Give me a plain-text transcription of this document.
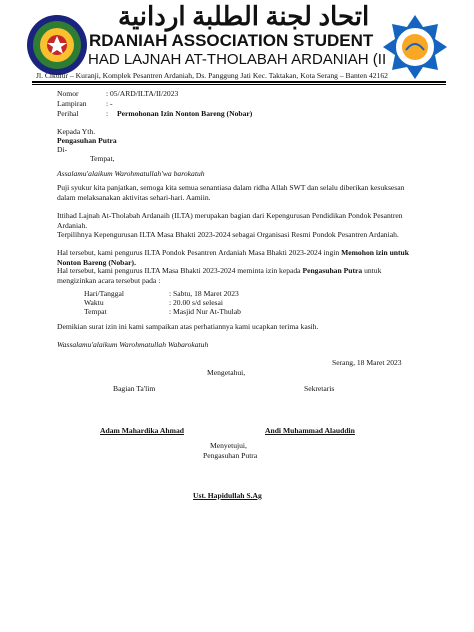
اتحاد لجنة الطلبة اردانية
RDANIAH ASSOCIATION STUDENT
HAD LAJNAH AT-THOLABAH ARDANIAH (II
Jl. Cikulur – Kuranji, Komplek Pesantren Ardaniah, Ds. Panggung Jati Kec. Taktakan, Kota Serang – Banten 42162
Nomor	: 05/ARD/ILTA/II/2023
Lampiran	: -
Perihal	: Permohonan Izin Nonton Bareng (Nobar)
Kepada Yth.
Pengasuhan Putra
Di-
Tempat,
Assalamu'alaikum Warohmatullah'wa barokatuh
Puji syukur kita panjatkan, semoga kita semua senantiasa dalam ridha Allah SWT dan selalu diberikan kesuksesan dalam melaksanakan aktivitas sehari-hari. Aamiin.
Ittihad Lajnah At-Tholabah Ardanaih (ILTA) merupakan bagian dari Kepengurusan Pendidikan Pondok Pesantren Ardaniah.
Terpilihnya Kepengurusan ILTA Masa Bhakti 2023-2024 sebagai Organisasi Resmi Pondok Pesantren Ardaniah.
Hal tersebut, kami pengurus ILTA Pondok Pesantren Ardaniah Masa Bhakti 2023-2024 ingin Memohon izin untuk Nonton Bareng (Nobar).
Hal tersebut, kami pengurus ILTA Masa Bhakti 2023-2024 meminta izin kepada Pengasuhan Putra untuk mengizinkan acara tersebut pada :
Hari/Tanggal	: Sabtu, 18 Maret 2023
Waktu	: 20.00 s/d selesai
Tempat	: Masjid Nur At-Thulab
Demikian surat izin ini kami sampaikan atas perhatiannya kami ucapkan terima kasih.
Wassalamu'alaikum Warohmatullah Wabarokatuh
Serang, 18 Maret 2023
Mengetahui,
Bagian Ta'lim	Sekretaris
Adam Mahardika Ahmad	Andi Muhammad Alauddin
Menyetujui,
Pengasuhan Putra
Ust. Hapidullah S.Ag
